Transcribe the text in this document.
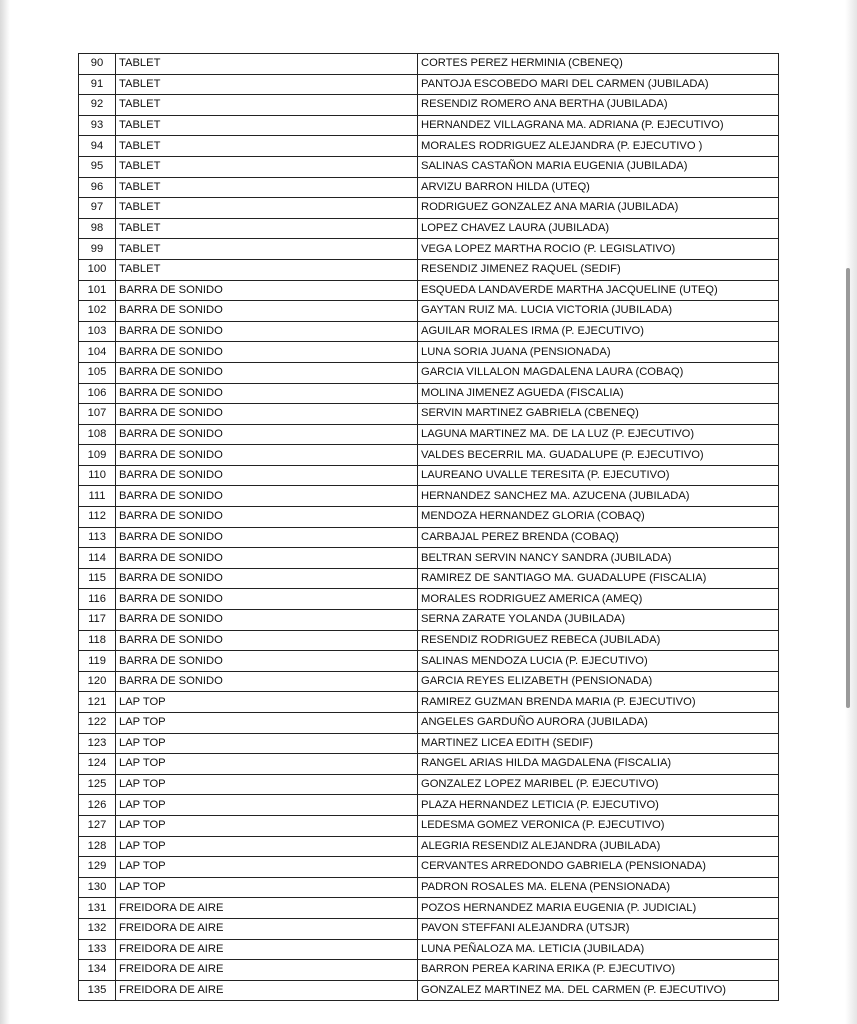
90	TABLET	CORTES PEREZ HERMINIA (CBENEQ)
91	TABLET	PANTOJA ESCOBEDO MARI DEL CARMEN (JUBILADA)
92	TABLET	RESENDIZ ROMERO ANA BERTHA (JUBILADA)
93	TABLET	HERNANDEZ VILLAGRANA MA. ADRIANA (P. EJECUTIVO)
94	TABLET	MORALES RODRIGUEZ ALEJANDRA (P. EJECUTIVO )
95	TABLET	SALINAS CASTAÑON MARIA EUGENIA (JUBILADA)
96	TABLET	ARVIZU BARRON HILDA (UTEQ)
97	TABLET	RODRIGUEZ GONZALEZ ANA MARIA (JUBILADA)
98	TABLET	LOPEZ CHAVEZ LAURA (JUBILADA)
99	TABLET	VEGA LOPEZ MARTHA ROCIO (P. LEGISLATIVO)
100	TABLET	RESENDIZ JIMENEZ RAQUEL (SEDIF)
101	BARRA DE SONIDO	ESQUEDA LANDAVERDE MARTHA JACQUELINE (UTEQ)
102	BARRA DE SONIDO	GAYTAN RUIZ MA. LUCIA VICTORIA (JUBILADA)
103	BARRA DE SONIDO	AGUILAR MORALES IRMA (P. EJECUTIVO)
104	BARRA DE SONIDO	LUNA SORIA JUANA (PENSIONADA)
105	BARRA DE SONIDO	GARCIA VILLALON MAGDALENA LAURA (COBAQ)
106	BARRA DE SONIDO	MOLINA JIMENEZ AGUEDA (FISCALIA)
107	BARRA DE SONIDO	SERVIN MARTINEZ GABRIELA (CBENEQ)
108	BARRA DE SONIDO	LAGUNA MARTINEZ MA. DE LA LUZ (P. EJECUTIVO)
109	BARRA DE SONIDO	VALDES BECERRIL MA. GUADALUPE (P. EJECUTIVO)
110	BARRA DE SONIDO	LAUREANO UVALLE TERESITA (P. EJECUTIVO)
111	BARRA DE SONIDO	HERNANDEZ SANCHEZ MA. AZUCENA (JUBILADA)
112	BARRA DE SONIDO	MENDOZA HERNANDEZ GLORIA (COBAQ)
113	BARRA DE SONIDO	CARBAJAL PEREZ BRENDA (COBAQ)
114	BARRA DE SONIDO	BELTRAN SERVIN NANCY SANDRA (JUBILADA)
115	BARRA DE SONIDO	RAMIREZ DE SANTIAGO MA. GUADALUPE (FISCALIA)
116	BARRA DE SONIDO	MORALES RODRIGUEZ AMERICA (AMEQ)
117	BARRA DE SONIDO	SERNA ZARATE YOLANDA (JUBILADA)
118	BARRA DE SONIDO	RESENDIZ RODRIGUEZ REBECA (JUBILADA)
119	BARRA DE SONIDO	SALINAS MENDOZA LUCIA (P. EJECUTIVO)
120	BARRA DE SONIDO	GARCIA REYES ELIZABETH (PENSIONADA)
121	LAP TOP	RAMIREZ GUZMAN BRENDA MARIA (P. EJECUTIVO)
122	LAP TOP	ANGELES GARDUÑO AURORA (JUBILADA)
123	LAP TOP	MARTINEZ LICEA EDITH (SEDIF)
124	LAP TOP	RANGEL ARIAS HILDA MAGDALENA (FISCALIA)
125	LAP TOP	GONZALEZ LOPEZ MARIBEL (P. EJECUTIVO)
126	LAP TOP	PLAZA HERNANDEZ LETICIA (P. EJECUTIVO)
127	LAP TOP	LEDESMA GOMEZ VERONICA (P. EJECUTIVO)
128	LAP TOP	ALEGRIA RESENDIZ ALEJANDRA (JUBILADA)
129	LAP TOP	CERVANTES ARREDONDO GABRIELA (PENSIONADA)
130	LAP TOP	PADRON ROSALES MA. ELENA (PENSIONADA)
131	FREIDORA DE AIRE	POZOS HERNANDEZ MARIA EUGENIA (P. JUDICIAL)
132	FREIDORA DE AIRE	PAVON STEFFANI ALEJANDRA (UTSJR)
133	FREIDORA DE AIRE	LUNA PEÑALOZA MA. LETICIA (JUBILADA)
134	FREIDORA DE AIRE	BARRON PEREA KARINA ERIKA (P. EJECUTIVO)
135	FREIDORA DE AIRE	GONZALEZ MARTINEZ MA. DEL CARMEN (P. EJECUTIVO)
